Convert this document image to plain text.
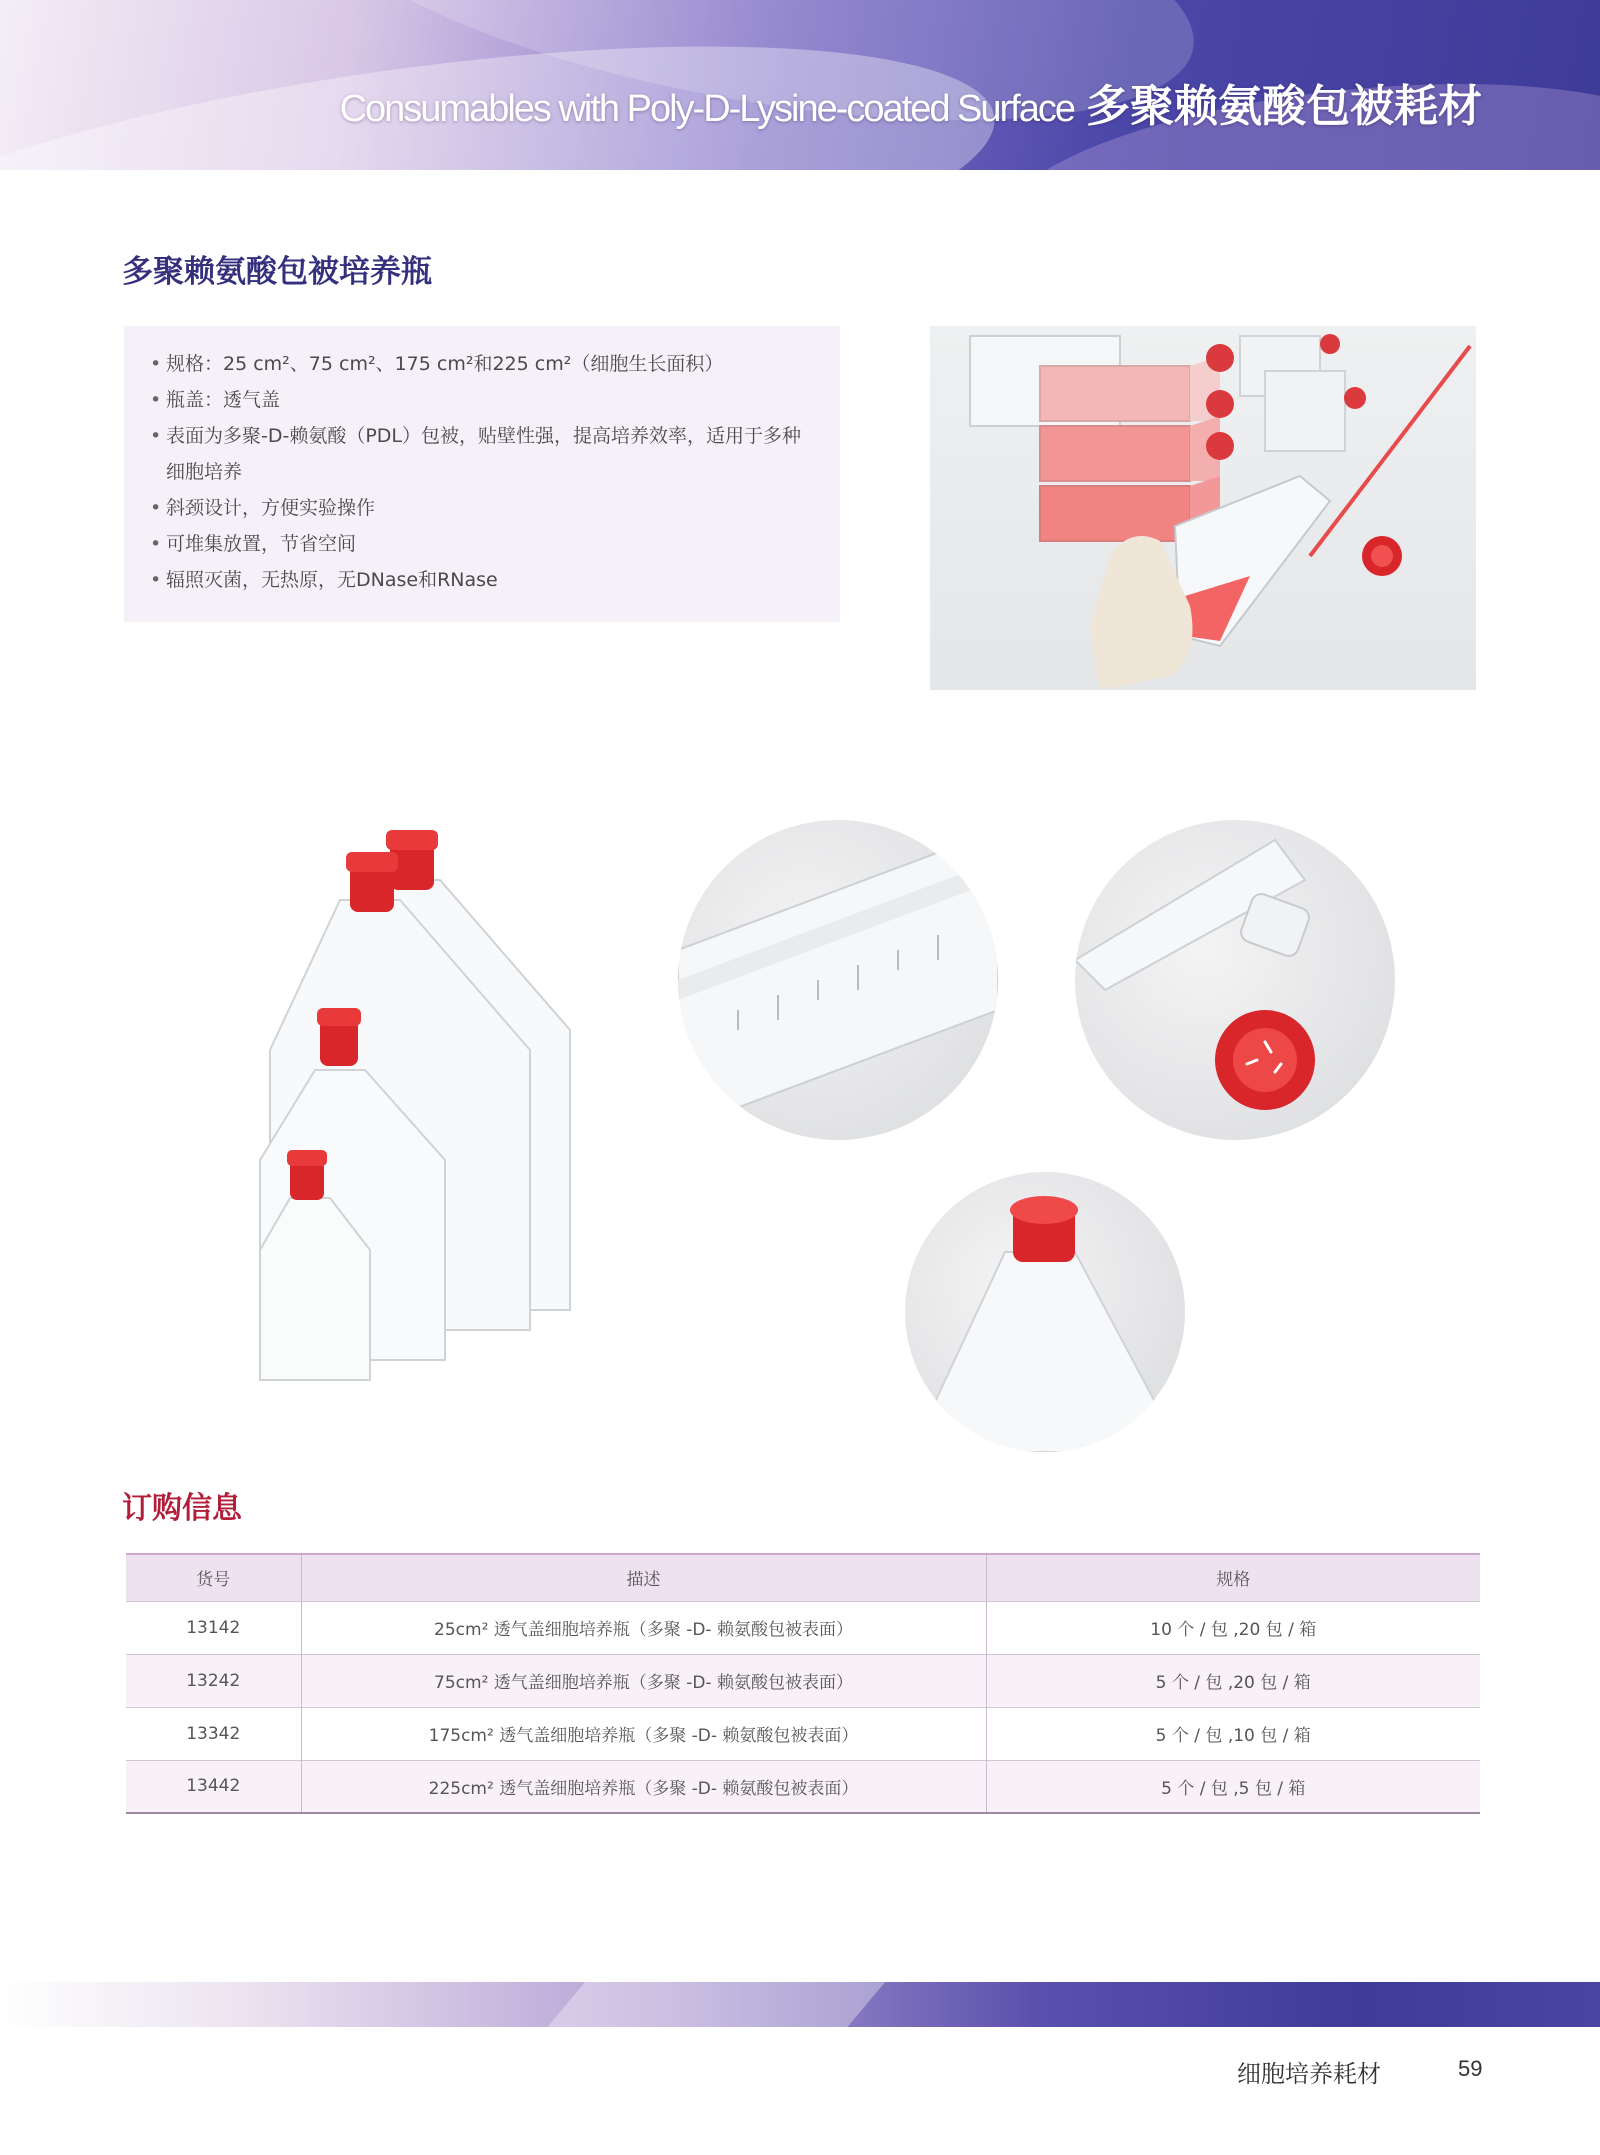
Consumables with Poly-D-Lysine-coated Surface 多聚赖氨酸包被耗材
多聚赖氨酸包被培养瓶
• 规格：25 cm²、75 cm²、175 cm²和225 cm²（细胞生长面积）
• 瓶盖：透气盖
• 表面为多聚-D-赖氨酸（PDL）包被，贴壁性强，提高培养效率，适用于多种细胞培养
• 斜颈设计，方便实验操作
• 可堆集放置，节省空间
• 辐照灭菌，无热原，无DNase和RNase
订购信息
货号	描述	规格
13142	25cm² 透气盖细胞培养瓶（多聚 -D- 赖氨酸包被表面）	10 个 / 包 ,20 包 / 箱
13242	75cm² 透气盖细胞培养瓶（多聚 -D- 赖氨酸包被表面）	5 个 / 包 ,20 包 / 箱
13342	175cm² 透气盖细胞培养瓶（多聚 -D- 赖氨酸包被表面）	5 个 / 包 ,10 包 / 箱
13442	225cm² 透气盖细胞培养瓶（多聚 -D- 赖氨酸包被表面）	5 个 / 包 ,5 包 / 箱
细胞培养耗材	59
